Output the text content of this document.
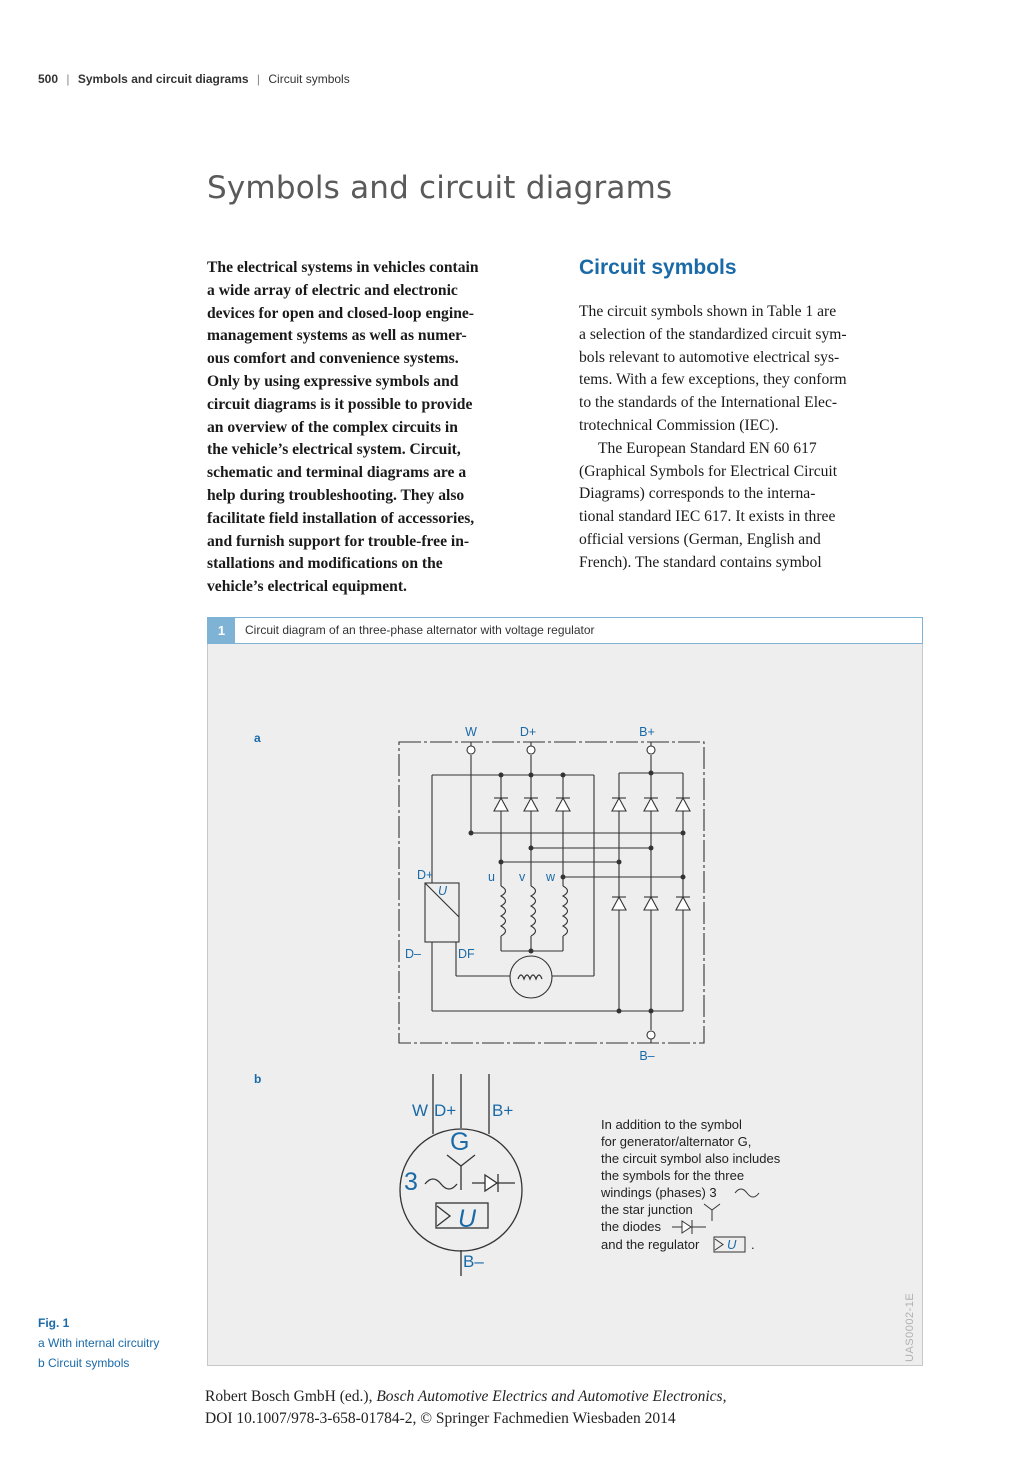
500 | Symbols and circuit diagrams | Circuit symbols
Symbols and circuit diagrams
The electrical systems in vehicles contain
a wide array of electric and electronic
devices for open and closed-loop engine-
management systems as well as numer-
ous comfort and convenience systems.
Only by using expressive symbols and
circuit diagrams is it possible to provide
an overview of the complex circuits in
the vehicle’s electrical system. Circuit,
schematic and terminal diagrams are a
help during troubleshooting. They also
facilitate field installation of accessories,
and furnish support for trouble-free in-
stallations and modifications on the
vehicle’s electrical equipment.
Circuit symbols
The circuit symbols shown in Table 1 are
a selection of the standardized circuit sym-
bols relevant to automotive electrical sys-
tems. With a few exceptions, they conform
to the standards of the International Elec-
trotechnical Commission (IEC).
The European Standard EN 60 617
(Graphical Symbols for Electrical Circuit
Diagrams) corresponds to the interna-
tional standard IEC 617. It exists in three
official versions (German, English and
French). The standard contains symbol
1	Circuit diagram of an three-phase alternator with voltage regulator
a
b
W	D+	B+
B–
D+
U
D–	DF
u v w
W D+ B+
G
3
U
B–
In addition to the symbol
for generator/alternator G,
the circuit symbol also includes
the symbols for the three
windings (phases) 3
the star junction
the diodes
and the regulator	.
U
UAS0002-1E
Fig. 1
a With internal circuitry
b Circuit symbols
Robert Bosch GmbH (ed.), Bosch Automotive Electrics and Automotive Electronics,
DOI 10.1007/978-3-658-01784-2, © Springer Fachmedien Wiesbaden 2014
